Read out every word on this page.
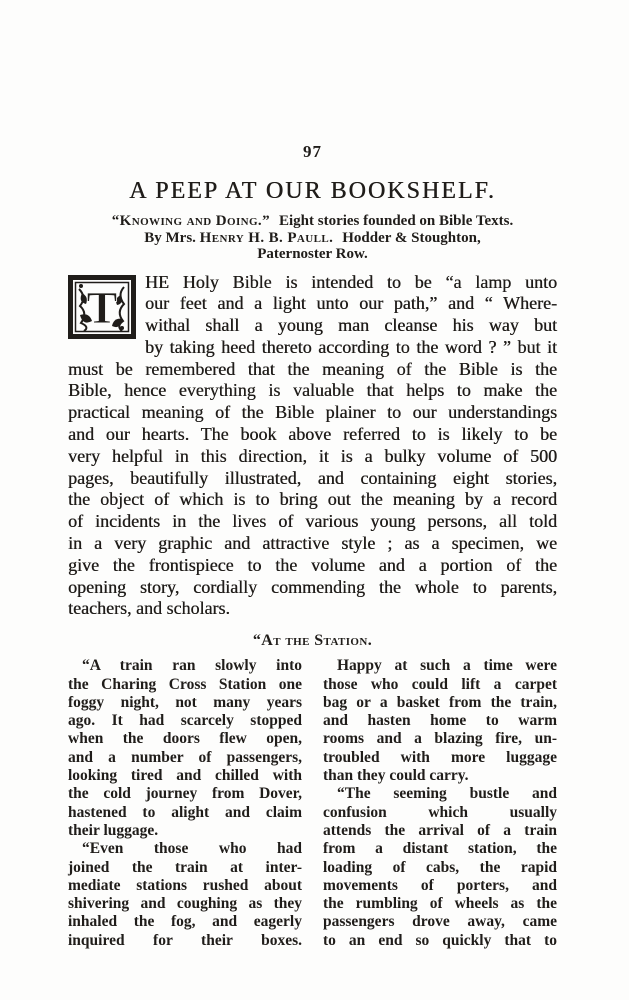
97
A PEEP AT OUR BOOKSHELF.
“Knowing and Doing.” Eight stories founded on Bible Texts.
By Mrs. Henry H. B. Paull. Hodder & Stoughton,
Paternoster Row.
T	HE Holy Bible is intended to be “a lamp unto
our feet and a light unto our path,” and “ Where-
withal shall a young man cleanse his way but
by taking heed thereto according to the word ? ” but it
must be remembered that the meaning of the Bible is the
Bible, hence everything is valuable that helps to make the
practical meaning of the Bible plainer to our understandings
and our hearts. The book above referred to is likely to be
very helpful in this direction, it is a bulky volume of 500
pages, beautifully illustrated, and containing eight stories,
the object of which is to bring out the meaning by a record
of incidents in the lives of various young persons, all told
in a very graphic and attractive style ; as a specimen, we
give the frontispiece to the volume and a portion of the
opening story, cordially commending the whole to parents,
teachers, and scholars.
“At the Station.
“A train ran slowly into
the Charing Cross Station one
foggy night, not many years
ago. It had scarcely stopped
when the doors flew open,
and a number of passengers,
looking tired and chilled with
the cold journey from Dover,
hastened to alight and claim
their luggage.
“Even those who had
joined the train at inter-
mediate stations rushed about
shivering and coughing as they
inhaled the fog, and eagerly
inquired for their boxes.
Happy at such a time were
those who could lift a carpet
bag or a basket from the train,
and hasten home to warm
rooms and a blazing fire, un-
troubled with more luggage
than they could carry.
“The seeming bustle and
confusion which usually
attends the arrival of a train
from a distant station, the
loading of cabs, the rapid
movements of porters, and
the rumbling of wheels as the
passengers drove away, came
to an end so quickly that to
